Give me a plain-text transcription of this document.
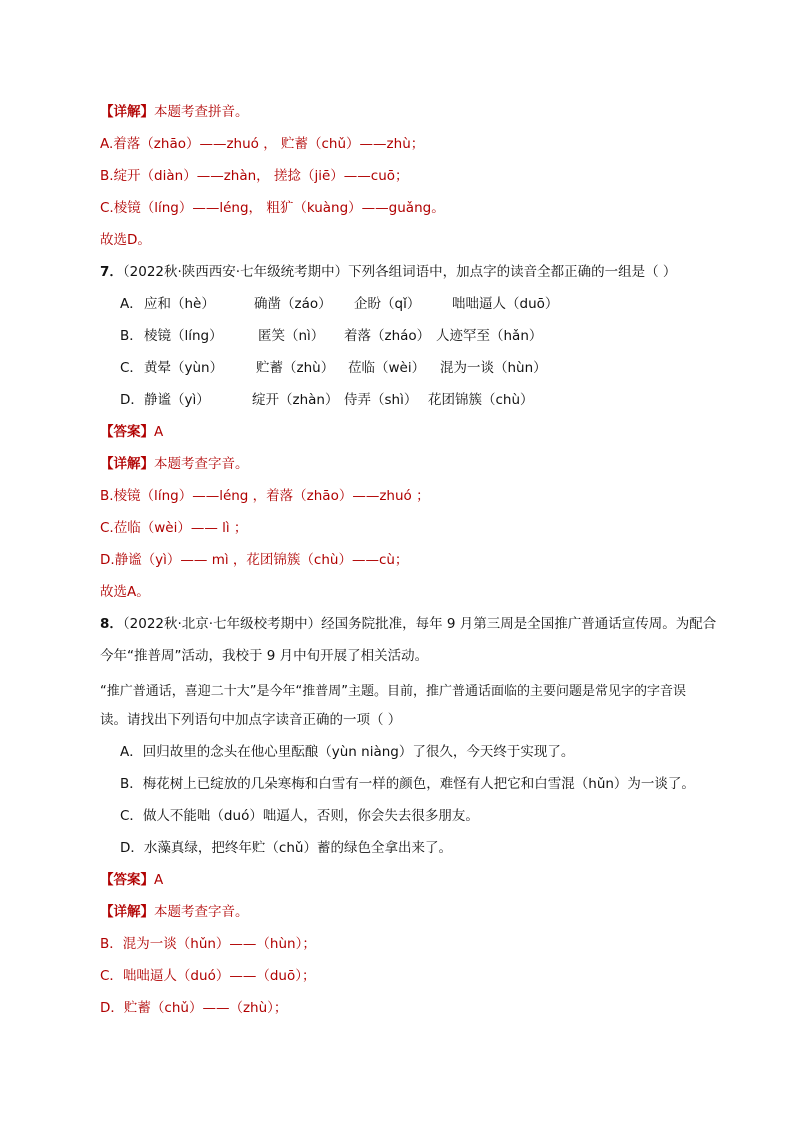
【详解】本题考查拼音。
A.着落（zhāo）——zhuó ， 贮蓄（chǔ）——zhù；
B.绽开（diàn）——zhàn， 搓捻（jiē）——cuō；
C.棱镜（líng）——léng， 粗犷（kuàng）——guǎng。
故选D。
7．（2022秋·陕西西安·七年级统考期中）下列各组词语中，加点字的读音全都正确的一组是（ ）
A．应和（hè）	确凿（záo） 企盼（qǐ） 咄咄逼人（duō）
B．棱镜（líng）	匿笑（nì） 着落（zháo） 人迹罕至（hǎn）
C．黄晕（yùn） 贮蓄（zhù） 莅临（wèi） 混为一谈（hùn）
D．静谧（yì）	绽开（zhàn） 侍弄（shì） 花团锦簇（chù）
【答案】A
【详解】本题考查字音。
B.棱镜（líng）——léng ，着落（zhāo）——zhuó ；
C.莅临（wèi）—— lì ；
D.静谧（yì）—— mì ，花团锦簇（chù）——cù；
故选A。
8．（2022秋·北京·七年级校考期中）经国务院批准，每年 9 月第三周是全国推广普通话宣传周。为配合
今年“推普周”活动，我校于 9 月中旬开展了相关活动。
“推广普通话，喜迎二十大”是今年“推普周”主题。目前，推广普通话面临的主要问题是常见字的字音误
读。请找出下列语句中加点字读音正确的一项（ ）
A．回归故里的念头在他心里酝酿（yùn niàng）了很久，今天终于实现了。
B．梅花树上已绽放的几朵寒梅和白雪有一样的颜色，难怪有人把它和白雪混（hǔn）为一谈了。
C．做人不能咄（duó）咄逼人，否则，你会失去很多朋友。
D．水藻真绿，把终年贮（chǔ）蓄的绿色全拿出来了。
【答案】A
【详解】本题考查字音。
B．混为一谈（hǔn）——（hùn）；
C．咄咄逼人（duó）——（duō）；
D．贮蓄（chǔ）——（zhù）；
